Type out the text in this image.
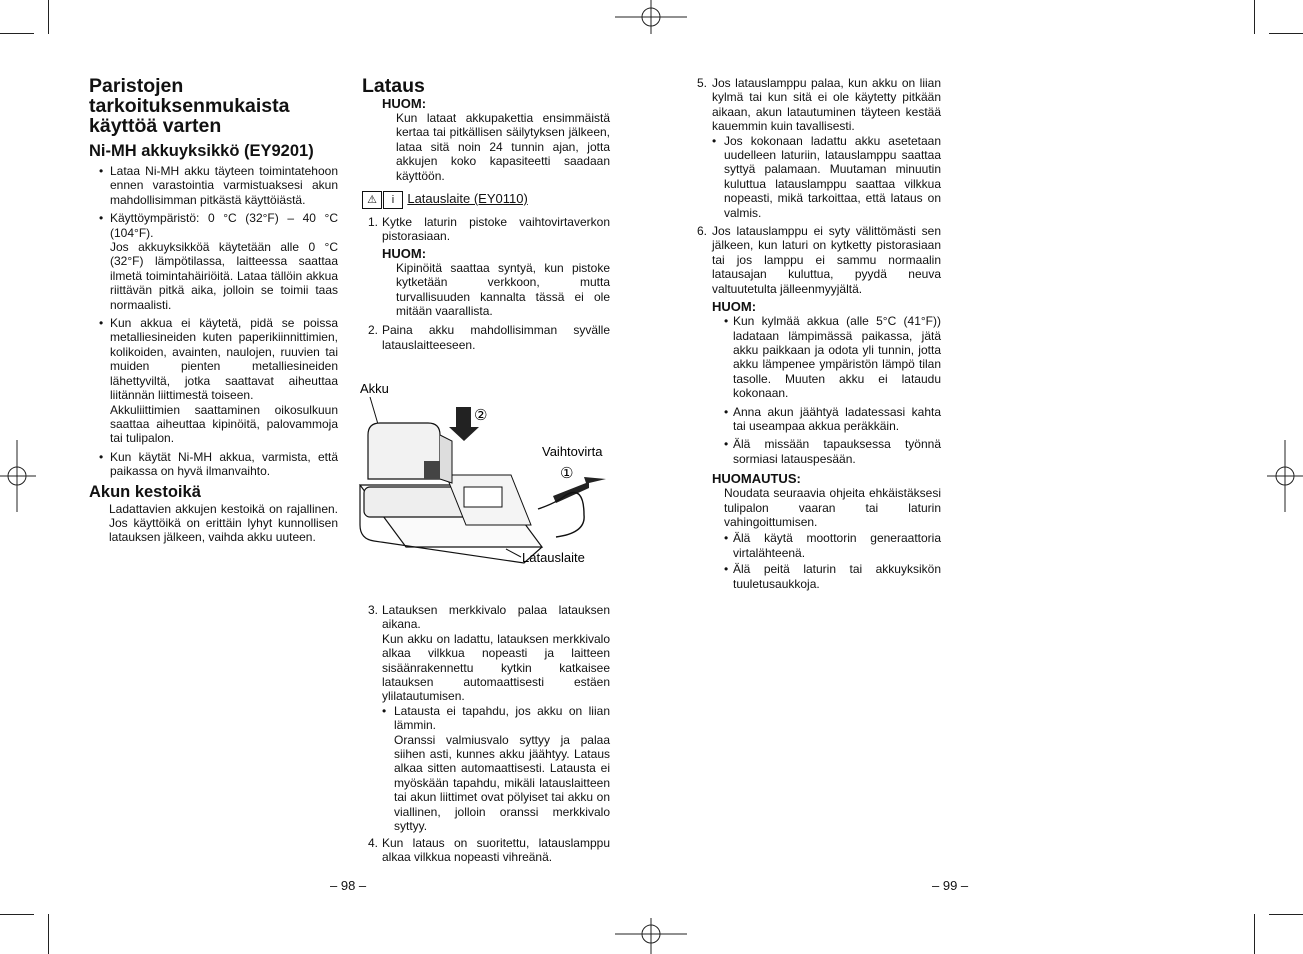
Paristojen tarkoituksenmukaista käyttöä varten
Ni-MH akkuyksikkö (EY9201)
• Lataa Ni-MH akku täyteen toimintatehoon ennen varastointia varmistuaksesi akun mahdollisimman pitkästä käyttöiästä.
• Käyttöympäristö: 0 °C (32°F) – 40 °C (104°F).
Jos akkuyksikköä käytetään alle 0 °C (32°F) lämpötilassa, laitteessa saattaa ilmetä toimintahäiriöitä. Lataa tällöin akkua riittävän pitkä aika, jolloin se toimii taas normaalisti.
• Kun akkua ei käytetä, pidä se poissa metalliesineiden kuten paperikiinnittimien, kolikoiden, avainten, naulojen, ruuvien tai muiden pienten metalliesineiden lähettyviltä, jotka saattavat aiheuttaa liitännän liittimestä toiseen.
Akkuliittimien saattaminen oikosulkuun saattaa aiheuttaa kipinöitä, palovammoja tai tulipalon.
• Kun käytät Ni-MH akkua, varmista, että paikassa on hyvä ilmanvaihto.
Akun kestoikä
Ladattavien akkujen kestoikä on rajallinen. Jos käyttöikä on erittäin lyhyt kunnollisen latauksen jälkeen, vaihda akku uuteen.
Lataus
HUOM:
Kun lataat akkupakettia ensimmäistä kertaa tai pitkällisen säilytyksen jälkeen, lataa sitä noin 24 tunnin ajan, jotta akkujen koko kapasiteetti saadaan käyttöön.
⚠ i Latauslaite (EY0110)
1. Kytke laturin pistoke vaihtovirtaverkon pistorasiaan.
HUOM:
Kipinöitä saattaa syntyä, kun pistoke kytketään verkkoon, mutta turvallisuuden kannalta tässä ei ole mitään vaarallista.
2. Paina akku mahdollisimman syvälle latauslaitteeseen.
Akku
Vaihtovirta
Latauslaite
①
②
3. Latauksen merkkivalo palaa latauksen aikana.
Kun akku on ladattu, latauksen merkkivalo alkaa vilkkua nopeasti ja laitteen sisäänrakennettu kytkin katkaisee latauksen automaattisesti estäen ylilatautumisen.
• Latausta ei tapahdu, jos akku on liian lämmin.
Oranssi valmiusvalo syttyy ja palaa siihen asti, kunnes akku jäähtyy. Lataus alkaa sitten automaattisesti. Latausta ei myöskään tapahdu, mikäli latauslaitteen tai akun liittimet ovat pölyiset tai akku on viallinen, jolloin oranssi merkkivalo syttyy.
4. Kun lataus on suoritettu, latauslamppu alkaa vilkkua nopeasti vihreänä.
– 98 –
5. Jos latauslamppu palaa, kun akku on liian kylmä tai kun sitä ei ole käytetty pitkään aikaan, akun latautuminen täyteen kestää kauemmin kuin tavallisesti.
• Jos kokonaan ladattu akku asetetaan uudelleen laturiin, latauslamppu saattaa syttyä palamaan. Muutaman minuutin kuluttua latauslamppu saattaa vilkkua nopeasti, mikä tarkoittaa, että lataus on valmis.
6. Jos latauslamppu ei syty välittömästi sen jälkeen, kun laturi on kytketty pistorasiaan tai jos lamppu ei sammu normaalin latausajan kuluttua, pyydä neuva valtuutetulta jälleenmyyjältä.
HUOM:
• Kun kylmää akkua (alle 5°C (41°F)) ladataan lämpimässä paikassa, jätä akku paikkaan ja odota yli tunnin, jotta akku lämpenee ympäristön lämpö tilan tasolle. Muuten akku ei lataudu kokonaan.
• Anna akun jäähtyä ladatessasi kahta tai useampaa akkua peräkkäin.
• Älä missään tapauksessa työnnä sormiasi latauspesään.
HUOMAUTUS:
Noudata seuraavia ohjeita ehkäistäksesi tulipalon vaaran tai laturin vahingoittumisen.
• Älä käytä moottorin generaattoria virtalähteenä.
• Älä peitä laturin tai akkuyksikön tuuletusaukkoja.
– 99 –
